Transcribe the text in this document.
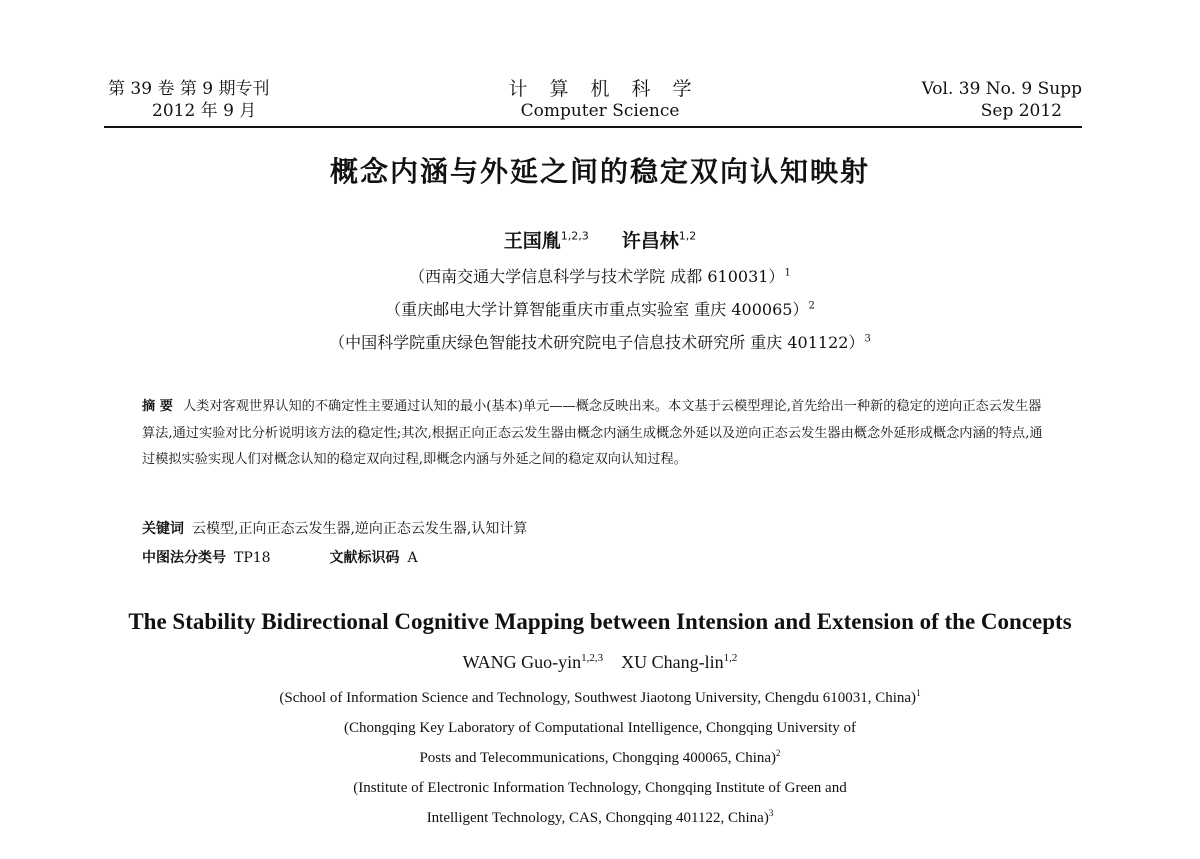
第 39 卷 第 9 期专刊
2012 年 9 月
计算机科学
Computer Science
Vol. 39 No. 9 Supp
Sep 2012
概念内涵与外延之间的稳定双向认知映射
王国胤$^{1,2,3}$ 许昌林$^{1,2}$
（西南交通大学信息科学与技术学院 成都 610031）$^1$
（重庆邮电大学计算智能重庆市重点实验室 重庆 400065）$^2$
（中国科学院重庆绿色智能技术研究院电子信息技术研究所 重庆 401122）$^3$
摘 要 人类对客观世界认知的不确定性主要通过认知的最小(基本)单元——概念反映出来。本文基于云模型理论,首先给出一种新的稳定的逆向正态云发生器算法,通过实验对比分析说明该方法的稳定性;其次,根据正向正态云发生器由概念内涵生成概念外延以及逆向正态云发生器由概念外延形成概念内涵的特点,通过模拟实验实现人们对概念认知的稳定双向过程,即概念内涵与外延之间的稳定双向认知过程。
关键词 云模型,正向正态云发生器,逆向正态云发生器,认知计算
中图法分类号 TP18	文献标识码 A
The Stability Bidirectional Cognitive Mapping between Intension and Extension of the Concepts
WANG Guo-yin$^{1,2,3}$ XU Chang-lin$^{1,2}$
(School of Information Science and Technology, Southwest Jiaotong University, Chengdu 610031, China)$^1$
(Chongqing Key Laboratory of Computational Intelligence, Chongqing University of
Posts and Telecommunications, Chongqing 400065, China)$^2$
(Institute of Electronic Information Technology, Chongqing Institute of Green and
Intelligent Technology, CAS, Chongqing 401122, China)$^3$
